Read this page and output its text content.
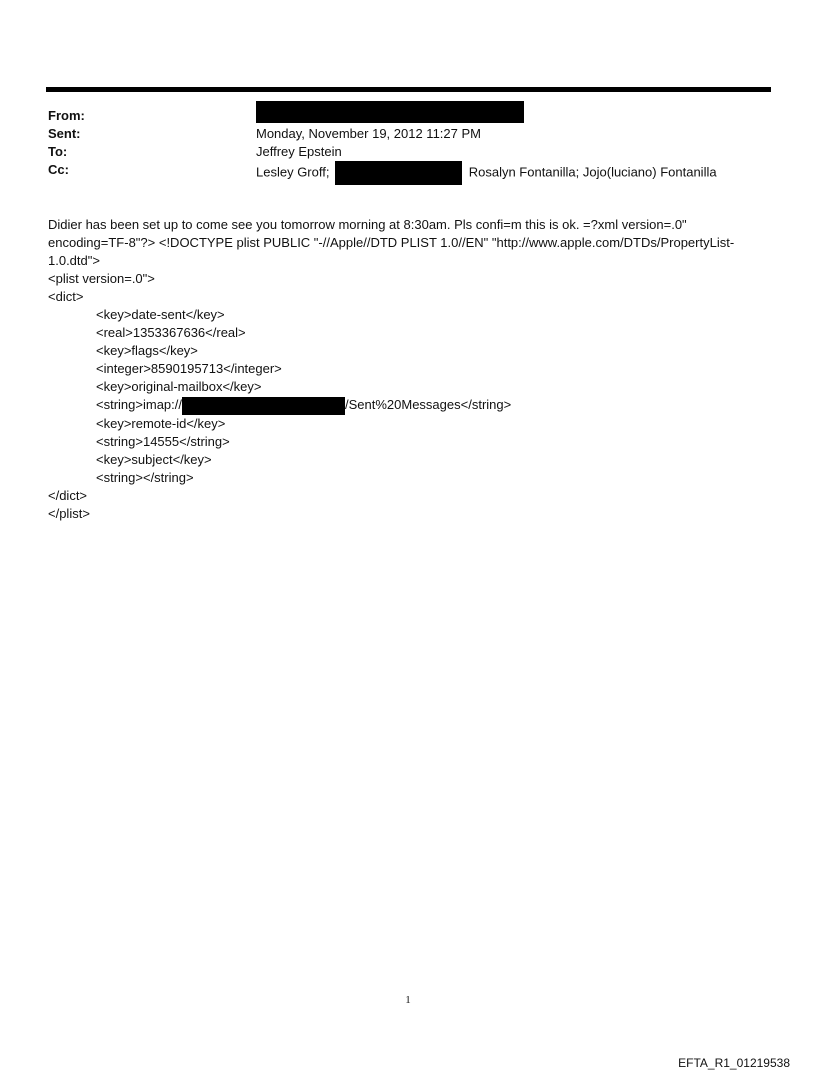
From:
Sent:	Monday, November 19, 2012 11:27 PM
To:	Jeffrey Epstein
Cc:	Lesley Groff;	Rosalyn Fontanilla; Jojo(luciano) Fontanilla

Didier has been set up to come see you tomorrow morning at 8:30am. Pls confi=m this is ok. =?xml version=.0"

encoding=TF-8"?> <!DOCTYPE plist PUBLIC "-//Apple//DTD PLIST 1.0//EN" "http://www.apple.com/DTDs/PropertyList-

1.0.dtd">

<plist version=.0">

<dict>

<key>date-sent</key>

<real>1353367636</real>

<key>flags</key>

<integer>8590195713</integer>

<key>original-mailbox</key>

<string>imap://	/Sent%20Messages</string>

<key>remote-id</key>

<string>14555</string>

<key>subject</key>

<string></string>

</dict>

</plist>

1
EFTA_R1_01219538
